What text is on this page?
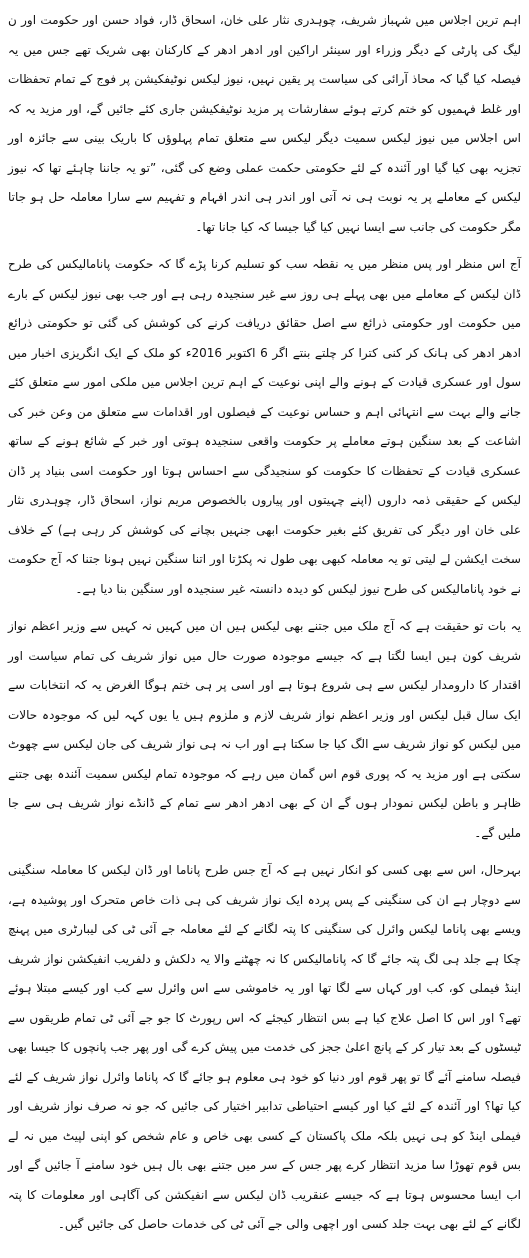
اہم ترین اجلاس میں شہباز شریف، چوہدری نثار علی خان، اسحاق ڈار، فواد حسن اور حکومت اور ن لیگ کی پارٹی کے دیگر وزراء اور سینئر اراکین اور ادھر ادھر کے کارکنان بھی شریک تھے جس میں یہ فیصلہ کیا گیا کہ محاذ آرائی کی سیاست پر یقین نہیں، نیوز لیکس نوٹیفکیشن پر فوج کے تمام تحفظات اور غلط فہمیوں کو ختم کرتے ہوئے سفارشات پر مزید نوٹیفکیشن جاری کئے جائیں گے، اور مزید یہ کہ اس اجلاس میں نیوز لیکس سمیت دیگر لیکس سے متعلق تمام پہلوؤں کا باریک بینی سے جائزہ اور تجزیہ بھی کیا گیا اور آئندہ کے لئے حکومتی حکمت عملی وضع کی گئی، ”تو یہ جاننا چاہئے تھا کہ نیوز لیکس کے معاملے پر یہ نوبت ہی نہ آتی اور اندر ہی اندر افہام و تفہیم سے سارا معاملہ حل ہو جاتا مگر حکومت کی جانب سے ایسا نہیں کیا گیا جیسا کہ کیا جانا تھا۔

آج اس منظر اور پس منظر میں یہ نقطہ سب کو تسلیم کرنا پڑے گا کہ حکومت پانامالیکس کی طرح ڈان لیکس کے معاملے میں بھی پہلے ہی روز سے غیر سنجیدہ رہی ہے اور جب بھی نیوز لیکس کے بارے میں حکومت اور حکومتی ذرائع سے اصل حقائق دریافت کرنے کی کوشش کی گئی تو حکومتی ذرائع ادھر ادھر کی ہانک کر کنی کترا کر چلتے بنتے اگر 6 اکتوبر 2016ء کو ملک کے ایک انگریزی اخبار میں سول اور عسکری قیادت کے ہونے والے اپنی نوعیت کے اہم ترین اجلاس میں ملکی امور سے متعلق کئے جانے والے بہت سے انتہائی اہم و حساس نوعیت کے فیصلوں اور اقدامات سے متعلق من وعن خبر کی اشاعت کے بعد سنگین ہوتے معاملے پر حکومت واقعی سنجیدہ ہوتی اور خبر کے شائع ہونے کے ساتھ عسکری قیادت کے تحفظات کا حکومت کو سنجیدگی سے احساس ہوتا اور حکومت اسی بنیاد پر ڈان لیکس کے حقیقی ذمہ داروں (اپنے چہیتوں اور پیاروں بالخصوص مریم نواز، اسحاق ڈار، چوہدری نثار علی خان اور دیگر کی تفریق کئے بغیر حکومت ابھی جنہیں بچانے کی کوشش کر رہی ہے) کے خلاف سخت ایکشن لے لیتی تو یہ معاملہ کبھی بھی طول نہ پکڑتا اور اتنا سنگین نہیں ہونا جتنا کہ آج حکومت نے خود پانامالیکس کی طرح نیوز لیکس کو دیدہ دانستہ غیر سنجیدہ اور سنگین بنا دیا ہے۔

یہ بات تو حقیقت ہے کہ آج ملک میں جتنے بھی لیکس ہیں ان میں کہیں نہ کہیں سے وزیر اعظم نواز شریف کون ہیں ایسا لگتا ہے کہ جیسے موجودہ صورت حال میں نواز شریف کی تمام سیاست اور اقتدار کا دارومدار لیکس سے ہی شروع ہوتا ہے اور اسی پر ہی ختم ہوگا الغرض یہ کہ انتخابات سے ایک سال قبل لیکس اور وزیر اعظم نواز شریف لازم و ملزوم ہیں یا یوں کہہ لیں کہ موجودہ حالات میں لیکس کو نواز شریف سے الگ کیا جا سکتا ہے اور اب نہ ہی نواز شریف کی جان لیکس سے چھوٹ سکتی ہے اور مزید یہ کہ پوری قوم اس گمان میں رہے کہ موجودہ تمام لیکس سمیت آئندہ بھی جتنے ظاہر و باطن لیکس نمودار ہوں گے ان کے بھی ادھر ادھر سے تمام کے ڈانڈے نواز شریف ہی سے جا ملیں گے۔

بہرحال، اس سے بھی کسی کو انکار نہیں ہے کہ آج جس طرح پاناما اور ڈان لیکس کا معاملہ سنگینی سے دوچار ہے ان کی سنگینی کے پس پردہ ایک نواز شریف کی ہی ذات خاص متحرک اور پوشیدہ ہے، ویسے بھی پاناما لیکس وائرل کی سنگینی کا پتہ لگانے کے لئے معاملہ جے آئی ٹی کی لیبارٹری میں پہنچ چکا ہے جلد ہی لگ پتہ جائے گا کہ پانامالیکس کا نہ چھٹنے والا یہ دلکش و دلفریب انفیکشن نواز شریف اینڈ فیملی کو، کب اور کہاں سے لگا تھا اور یہ خاموشی سے اس وائرل سے کب اور کیسے مبتلا ہوئے تھے؟ اور اس کا اصل علاج کیا ہے بس انتظار کیجئے کہ اس رپورٹ کا جو جے آئی ٹی تمام طریقوں سے ٹیسٹوں کے بعد تیار کر کے پانچ اعلیٰ ججز کی خدمت میں پیش کرے گی اور پھر جب پانچوں کا جیسا بھی فیصلہ سامنے آئے گا تو پھر قوم اور دنیا کو خود ہی معلوم ہو جائے گا کہ پاناما وائرل نواز شریف کے لئے کیا تھا؟ اور آئندہ کے لئے کیا اور کیسے احتیاطی تدابیر اختیار کی جائیں کہ جو نہ صرف نواز شریف اور فیملی اینڈ کو ہی نہیں بلکہ ملک پاکستان کے کسی بھی خاص و عام شخص کو اپنی لپیٹ میں نہ لے بس قوم تھوڑا سا مزید انتظار کرے پھر جس کے سر میں جتنے بھی بال ہیں خود سامنے آ جائیں گے اور اب ایسا محسوس ہوتا ہے کہ جیسے عنقریب ڈان لیکس سے انفیکشن کی آگاہی اور معلومات کا پتہ لگانے کے لئے بھی بہت جلد کسی اور اچھی والی جے آئی ٹی کی خدمات حاصل کی جائیں گیں۔
